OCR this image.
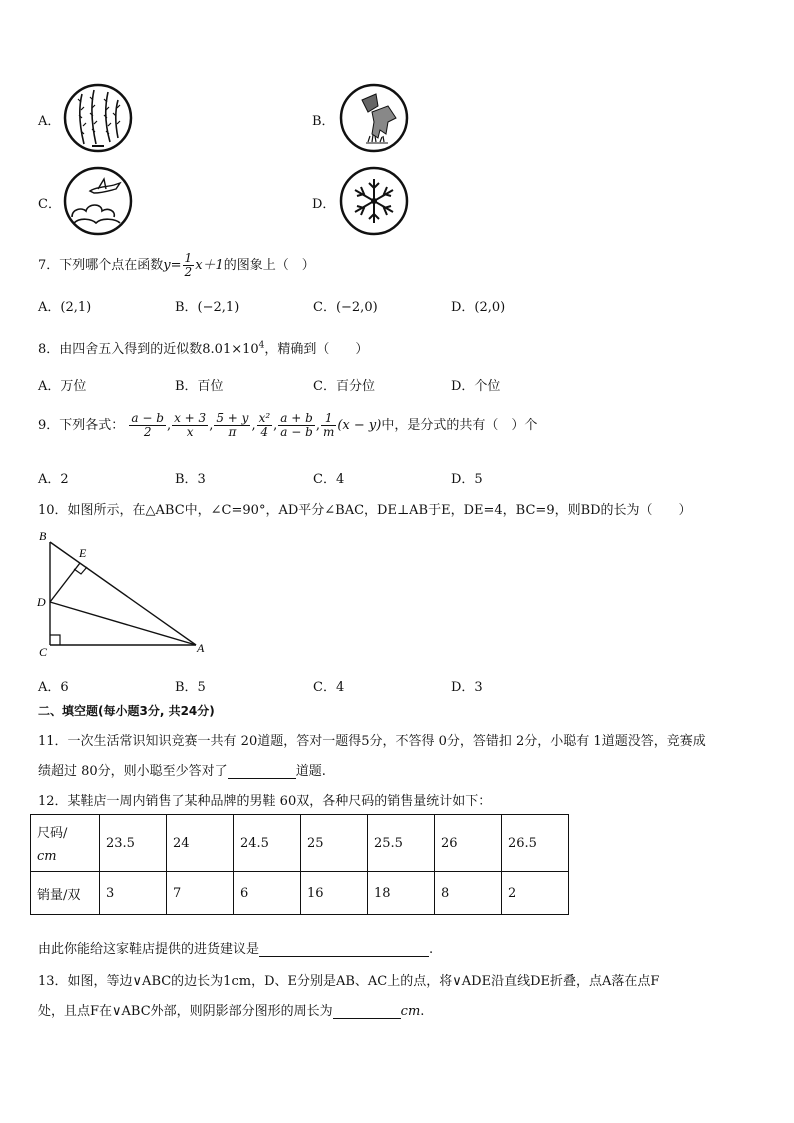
A．	B．
C．	D．
7．下列哪个点在函数$y= \frac{1}{2} x+1$的图象上（　）
A．(2,1)	B．(−2,1)	C．(−2,0)	D．(2,0)
8．由四舍五入得到的近似数$8.01\times 10^4$，精确到（　　）
A．万位	B．百位	C．百分位	D．个位
9．下列各式： $\frac{a - b}{2}$ , $\frac{x + 3}{x}$ , $\frac{5 + y}{\pi}$ , $\frac{\text{x²}}{4}$ , $\frac{a + b}{a - b}$ , $\frac{1}{m} (x - y)$中，是分式的共有（　）个
A．2	B．3	C．4	D．5
10．如图所示，在△ABC中，∠C=90°，AD平分∠BAC，DE⊥AB于E，DE=4，BC=9，则BD的长为（　　）
B
E
D
C	A
A．6	B．5	C．4	D．3
二、填空题(每小题3分, 共24分)
11．一次生活常识知识竞赛一共有 20道题，答对一题得5分，不答得 0分，答错扣 2分，小聪有 1道题没答，竞赛成
绩超过 80分，则小聪至少答对了	道题.
12．某鞋店一周内销售了某种品牌的男鞋 60双，各种尺码的销售量统计如下：
尺码/
cm	23.5	24	24.5	25	25.5	26	26.5
销量/双	3	7	6	16	18	8	2
由此你能给这家鞋店提供的进货建议是	.
13．如图，等边∨ABC的边长为1cm，D、E分别是AB、AC上的点，将∨ADE沿直线DE折叠，点A落在点F
处，且点F在∨ABC外部，则阴影部分图形的周长为	cm.
